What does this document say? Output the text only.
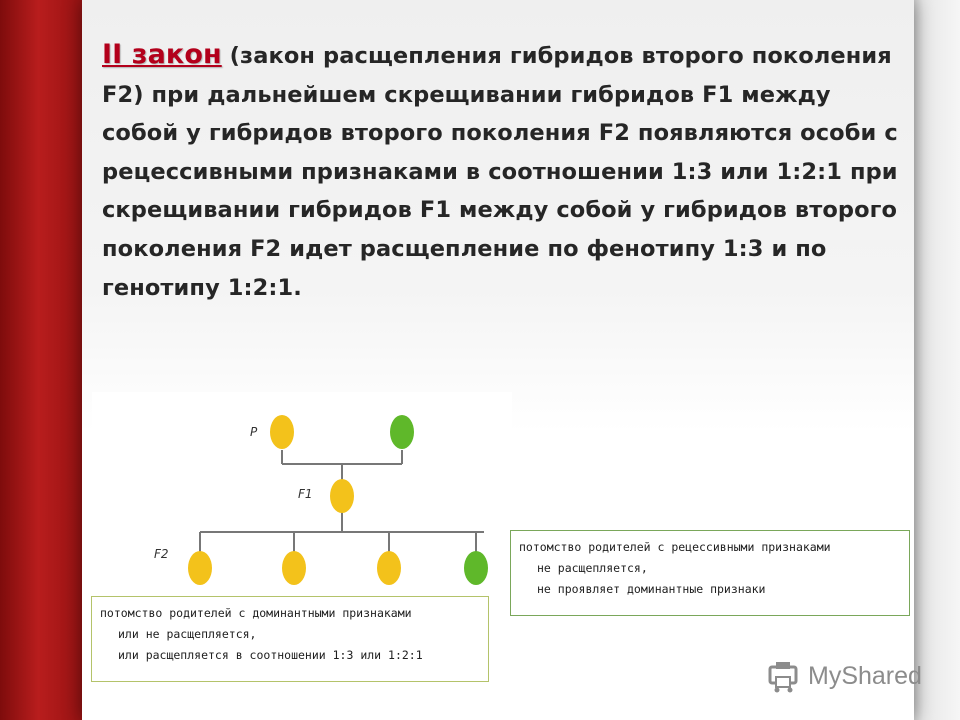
II закон (закон расщепления гибридов второго поколения F2) при дальнейшем скрещивании гибридов F1 между собой у гибридов второго поколения F2 появляются особи с рецессивными признаками в соотношении 1:3 или 1:2:1 при скрещивании гибридов F1 между собой у гибридов второго поколения F2 идет расщепление по фенотипу 1:3 и по генотипу 1:2:1.
P
F1
F2
потомство родителей с доминантными признаками
или не расщепляется,
или расщепляется в соотношении 1:3 или 1:2:1
потомство родителей с рецессивными признаками
не расщепляется,
не проявляет доминантные признаки
MyShared
